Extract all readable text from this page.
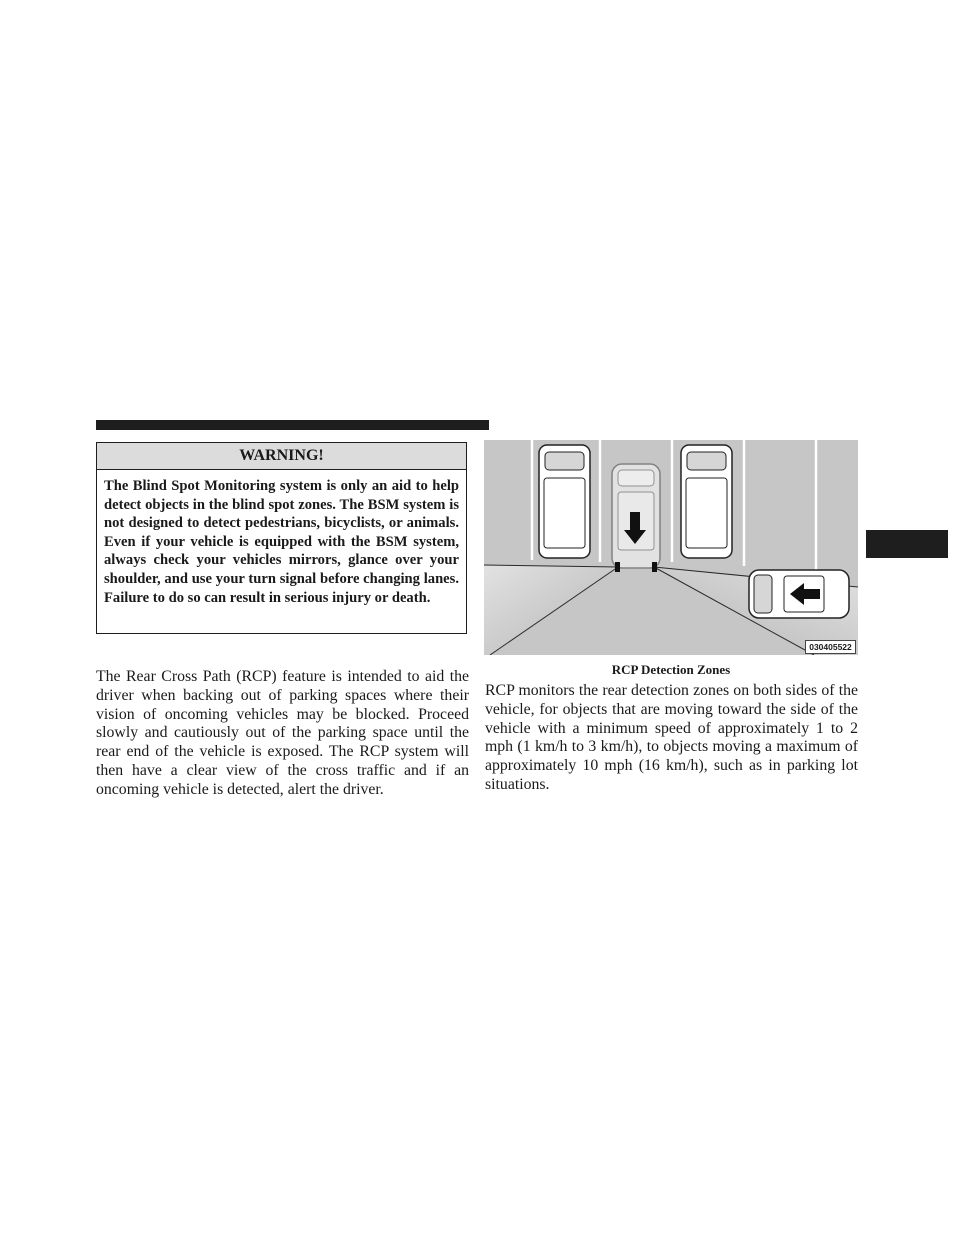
WARNING!
The Blind Spot Monitoring system is only an aid to help detect objects in the blind spot zones. The BSM system is not designed to detect pedestrians, bicyclists, or animals. Even if your vehicle is equipped with the BSM system, always check your vehicles mirrors, glance over your shoulder, and use your turn signal before changing lanes. Failure to do so can result in serious injury or death.

The Rear Cross Path (RCP) feature is intended to aid the driver when backing out of parking spaces where their vision of oncoming vehicles may be blocked. Proceed slowly and cautiously out of the parking space until the rear end of the vehicle is exposed. The RCP system will then have a clear view of the cross traffic and if an oncoming vehicle is detected, alert the driver.

030405522
RCP Detection Zones

RCP monitors the rear detection zones on both sides of the vehicle, for objects that are moving toward the side of the vehicle with a minimum speed of approximately 1 to 2 mph (1 km/h to 3 km/h), to objects moving a maximum of approximately 10 mph (16 km/h), such as in parking lot situations.
